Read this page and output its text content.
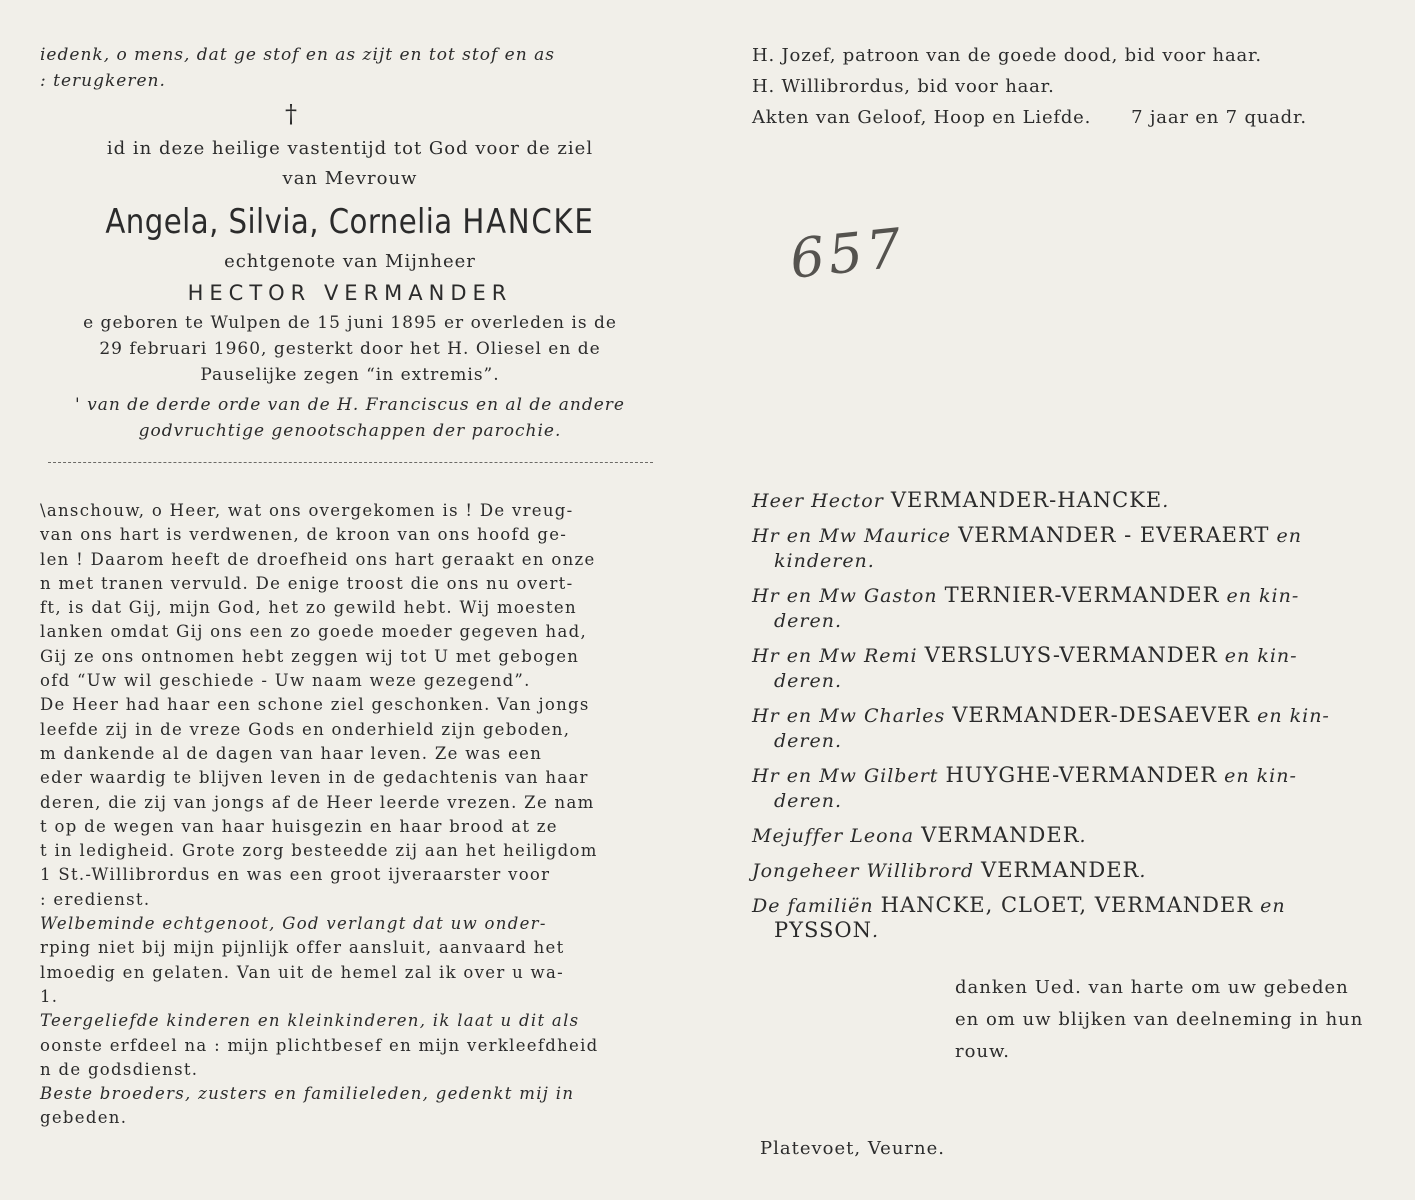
iedenk, o mens, dat ge stof en as zijt en tot stof en as
: terugkeren.
†
id in deze heilige vastentijd tot God voor de ziel
van Mevrouw
Angela, Silvia, Cornelia HANCKE
echtgenote van Mijnheer
HECTOR VERMANDER
e geboren te Wulpen de 15 juni 1895 er overleden is de
29 februari 1960, gesterkt door het H. Oliesel en de
Pauselijke zegen “in extremis”.
' van de derde orde van de H. Franciscus en al de andere
godvruchtige genootschappen der parochie.
\anschouw, o Heer, wat ons overgekomen is ! De vreug-
van ons hart is verdwenen, de kroon van ons hoofd ge-
len ! Daarom heeft de droefheid ons hart geraakt en onze
n met tranen vervuld. De enige troost die ons nu overt-
ft, is dat Gij, mijn God, het zo gewild hebt. Wij moesten
lanken omdat Gij ons een zo goede moeder gegeven had,
Gij ze ons ontnomen hebt zeggen wij tot U met gebogen
ofd “Uw wil geschiede - Uw naam weze gezegend”.
De Heer had haar een schone ziel geschonken. Van jongs
leefde zij in de vreze Gods en onderhield zijn geboden,
m dankende al de dagen van haar leven. Ze was een
eder waardig te blijven leven in de gedachtenis van haar
deren, die zij van jongs af de Heer leerde vrezen. Ze nam
t op de wegen van haar huisgezin en haar brood at ze
t in ledigheid. Grote zorg besteedde zij aan het heiligdom
1 St.-Willibrordus en was een groot ijveraarster voor
: eredienst.
Welbeminde echtgenoot, God verlangt dat uw onder-
rping niet bij mijn pijnlijk offer aansluit, aanvaard het
lmoedig en gelaten. Van uit de hemel zal ik over u wa-
1.
Teergeliefde kinderen en kleinkinderen, ik laat u dit als
oonste erfdeel na : mijn plichtbesef en mijn verkleefdheid
n de godsdienst.
Beste broeders, zusters en familieleden, gedenkt mij in
gebeden.
H. Jozef, patroon van de goede dood, bid voor haar.
H. Willibrordus, bid voor haar.
Akten van Geloof, Hoop en Liefde. 7 jaar en 7 quadr.
657
Heer Hector VERMANDER-HANCKE.
Hr en Mw Maurice VERMANDER - EVERAERT en
kinderen.
Hr en Mw Gaston TERNIER-VERMANDER en kin-
deren.
Hr en Mw Remi VERSLUYS-VERMANDER en kin-
deren.
Hr en Mw Charles VERMANDER-DESAEVER en kin-
deren.
Hr en Mw Gilbert HUYGHE-VERMANDER en kin-
deren.
Mejuffer Leona VERMANDER.
Jongeheer Willibrord VERMANDER.
De familiën HANCKE, CLOET, VERMANDER en
PYSSON.
danken Ued. van harte om uw gebeden
en om uw blijken van deelneming in hun
rouw.
Platevoet, Veurne.
